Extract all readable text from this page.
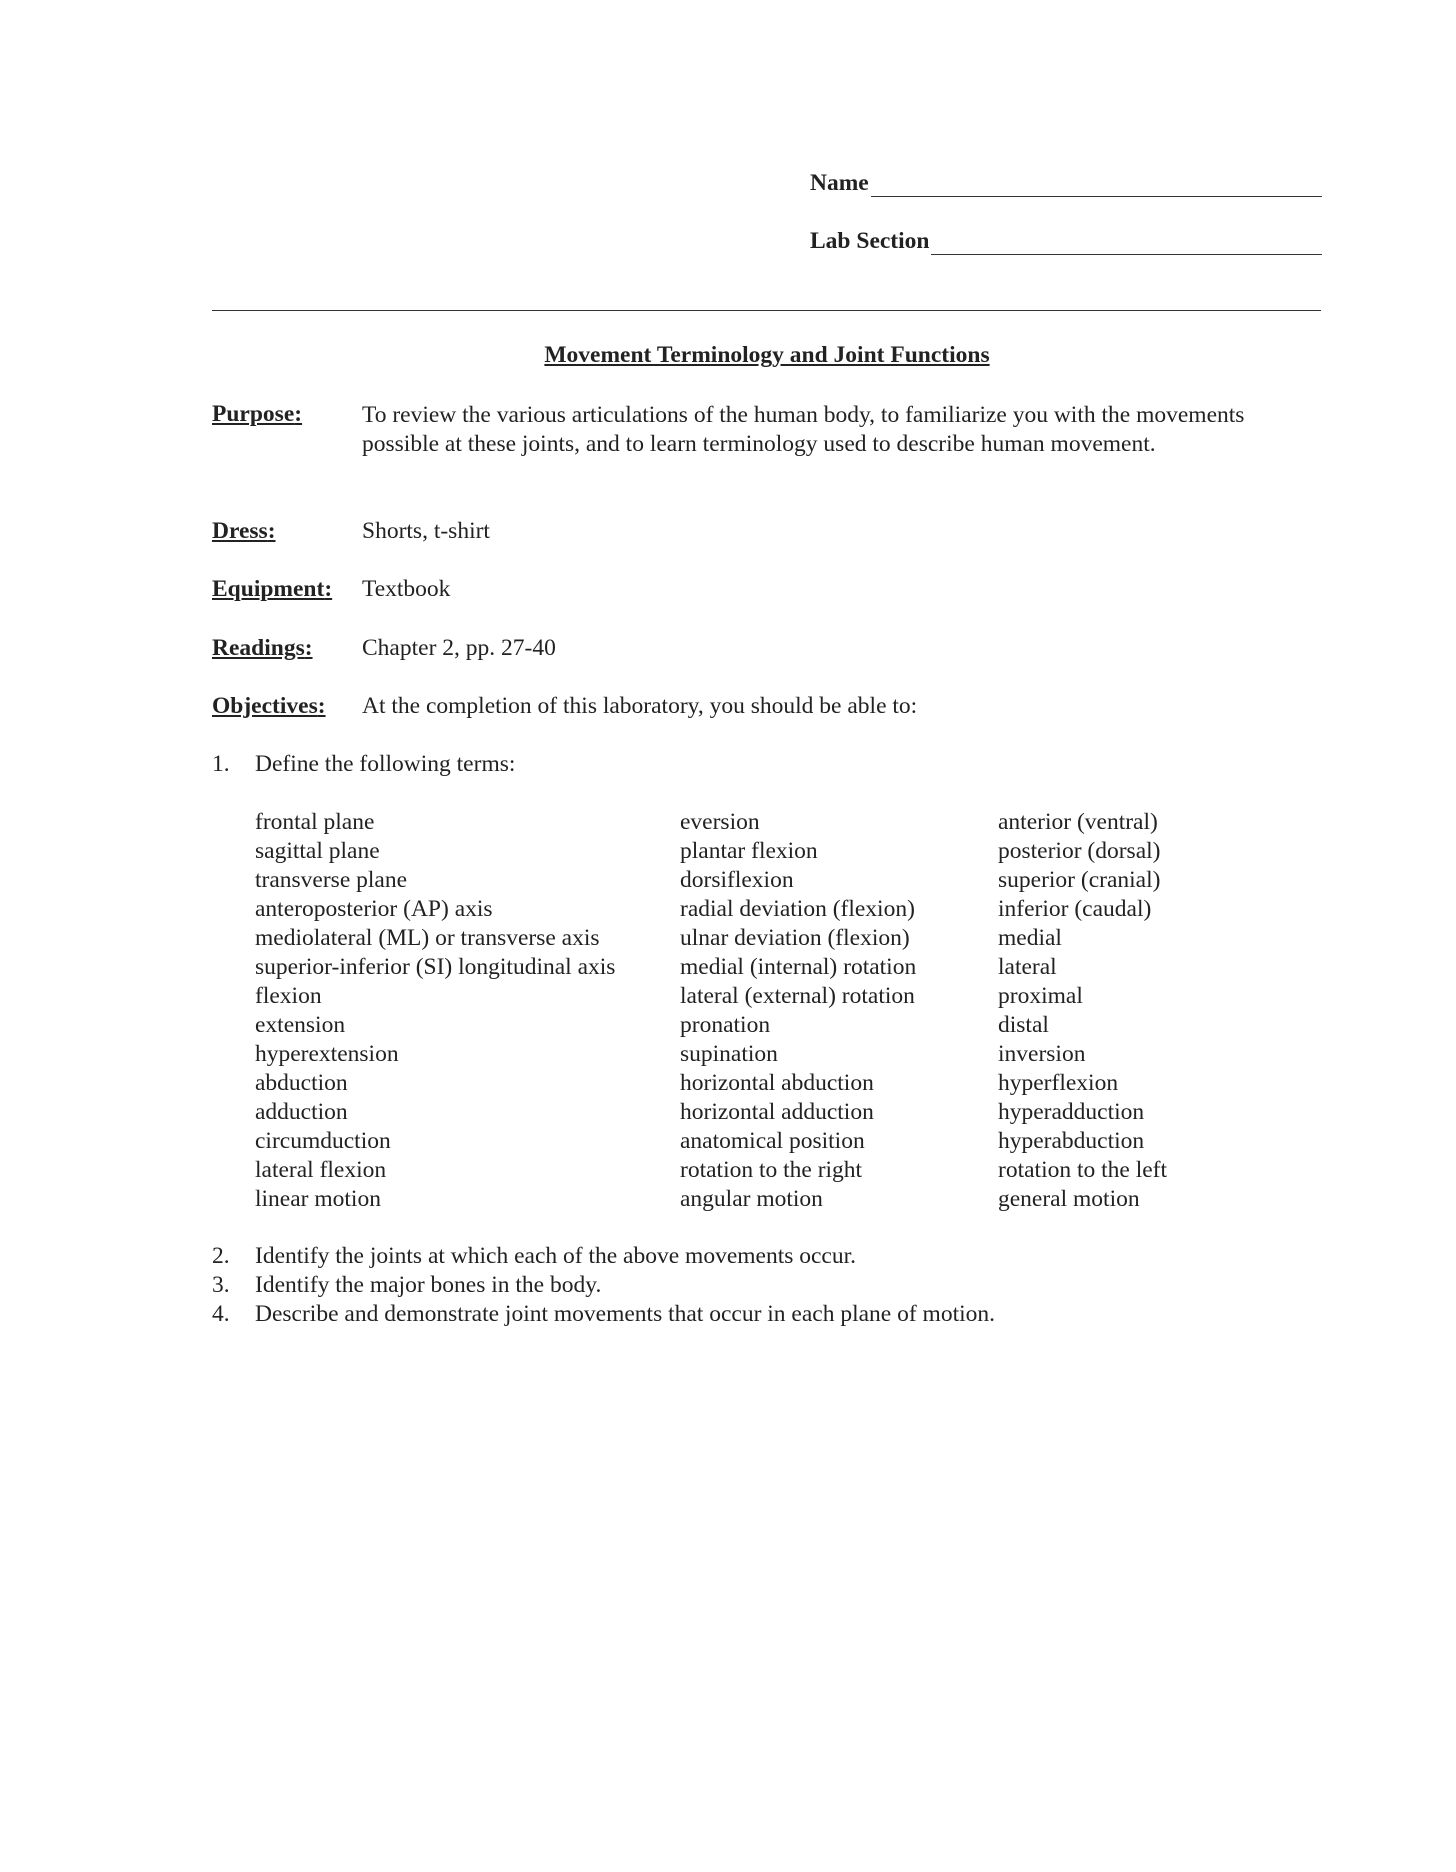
Name
Lab Section
Movement Terminology and Joint Functions
Purpose:	To review the various articulations of the human body, to familiarize you with the movements possible at these joints, and to learn terminology used to describe human movement.
Dress:	Shorts, t-shirt
Equipment: Textbook
Readings: Chapter 2, pp. 27-40
Objectives: At the completion of this laboratory, you should be able to:
1. Define the following terms:
frontal plane
sagittal plane
transverse plane
anteroposterior (AP) axis
mediolateral (ML) or transverse axis
superior-inferior (SI) longitudinal axis
flexion
extension
hyperextension
abduction
adduction
circumduction
lateral flexion
linear motion
eversion
plantar flexion
dorsiflexion
radial deviation (flexion)
ulnar deviation (flexion)
medial (internal) rotation
lateral (external) rotation
pronation
supination
horizontal abduction
horizontal adduction
anatomical position
rotation to the right
angular motion
anterior (ventral)
posterior (dorsal)
superior (cranial)
inferior (caudal)
medial
lateral
proximal
distal
inversion
hyperflexion
hyperadduction
hyperabduction
rotation to the left
general motion
2. Identify the joints at which each of the above movements occur.
3. Identify the major bones in the body.
4. Describe and demonstrate joint movements that occur in each plane of motion.
